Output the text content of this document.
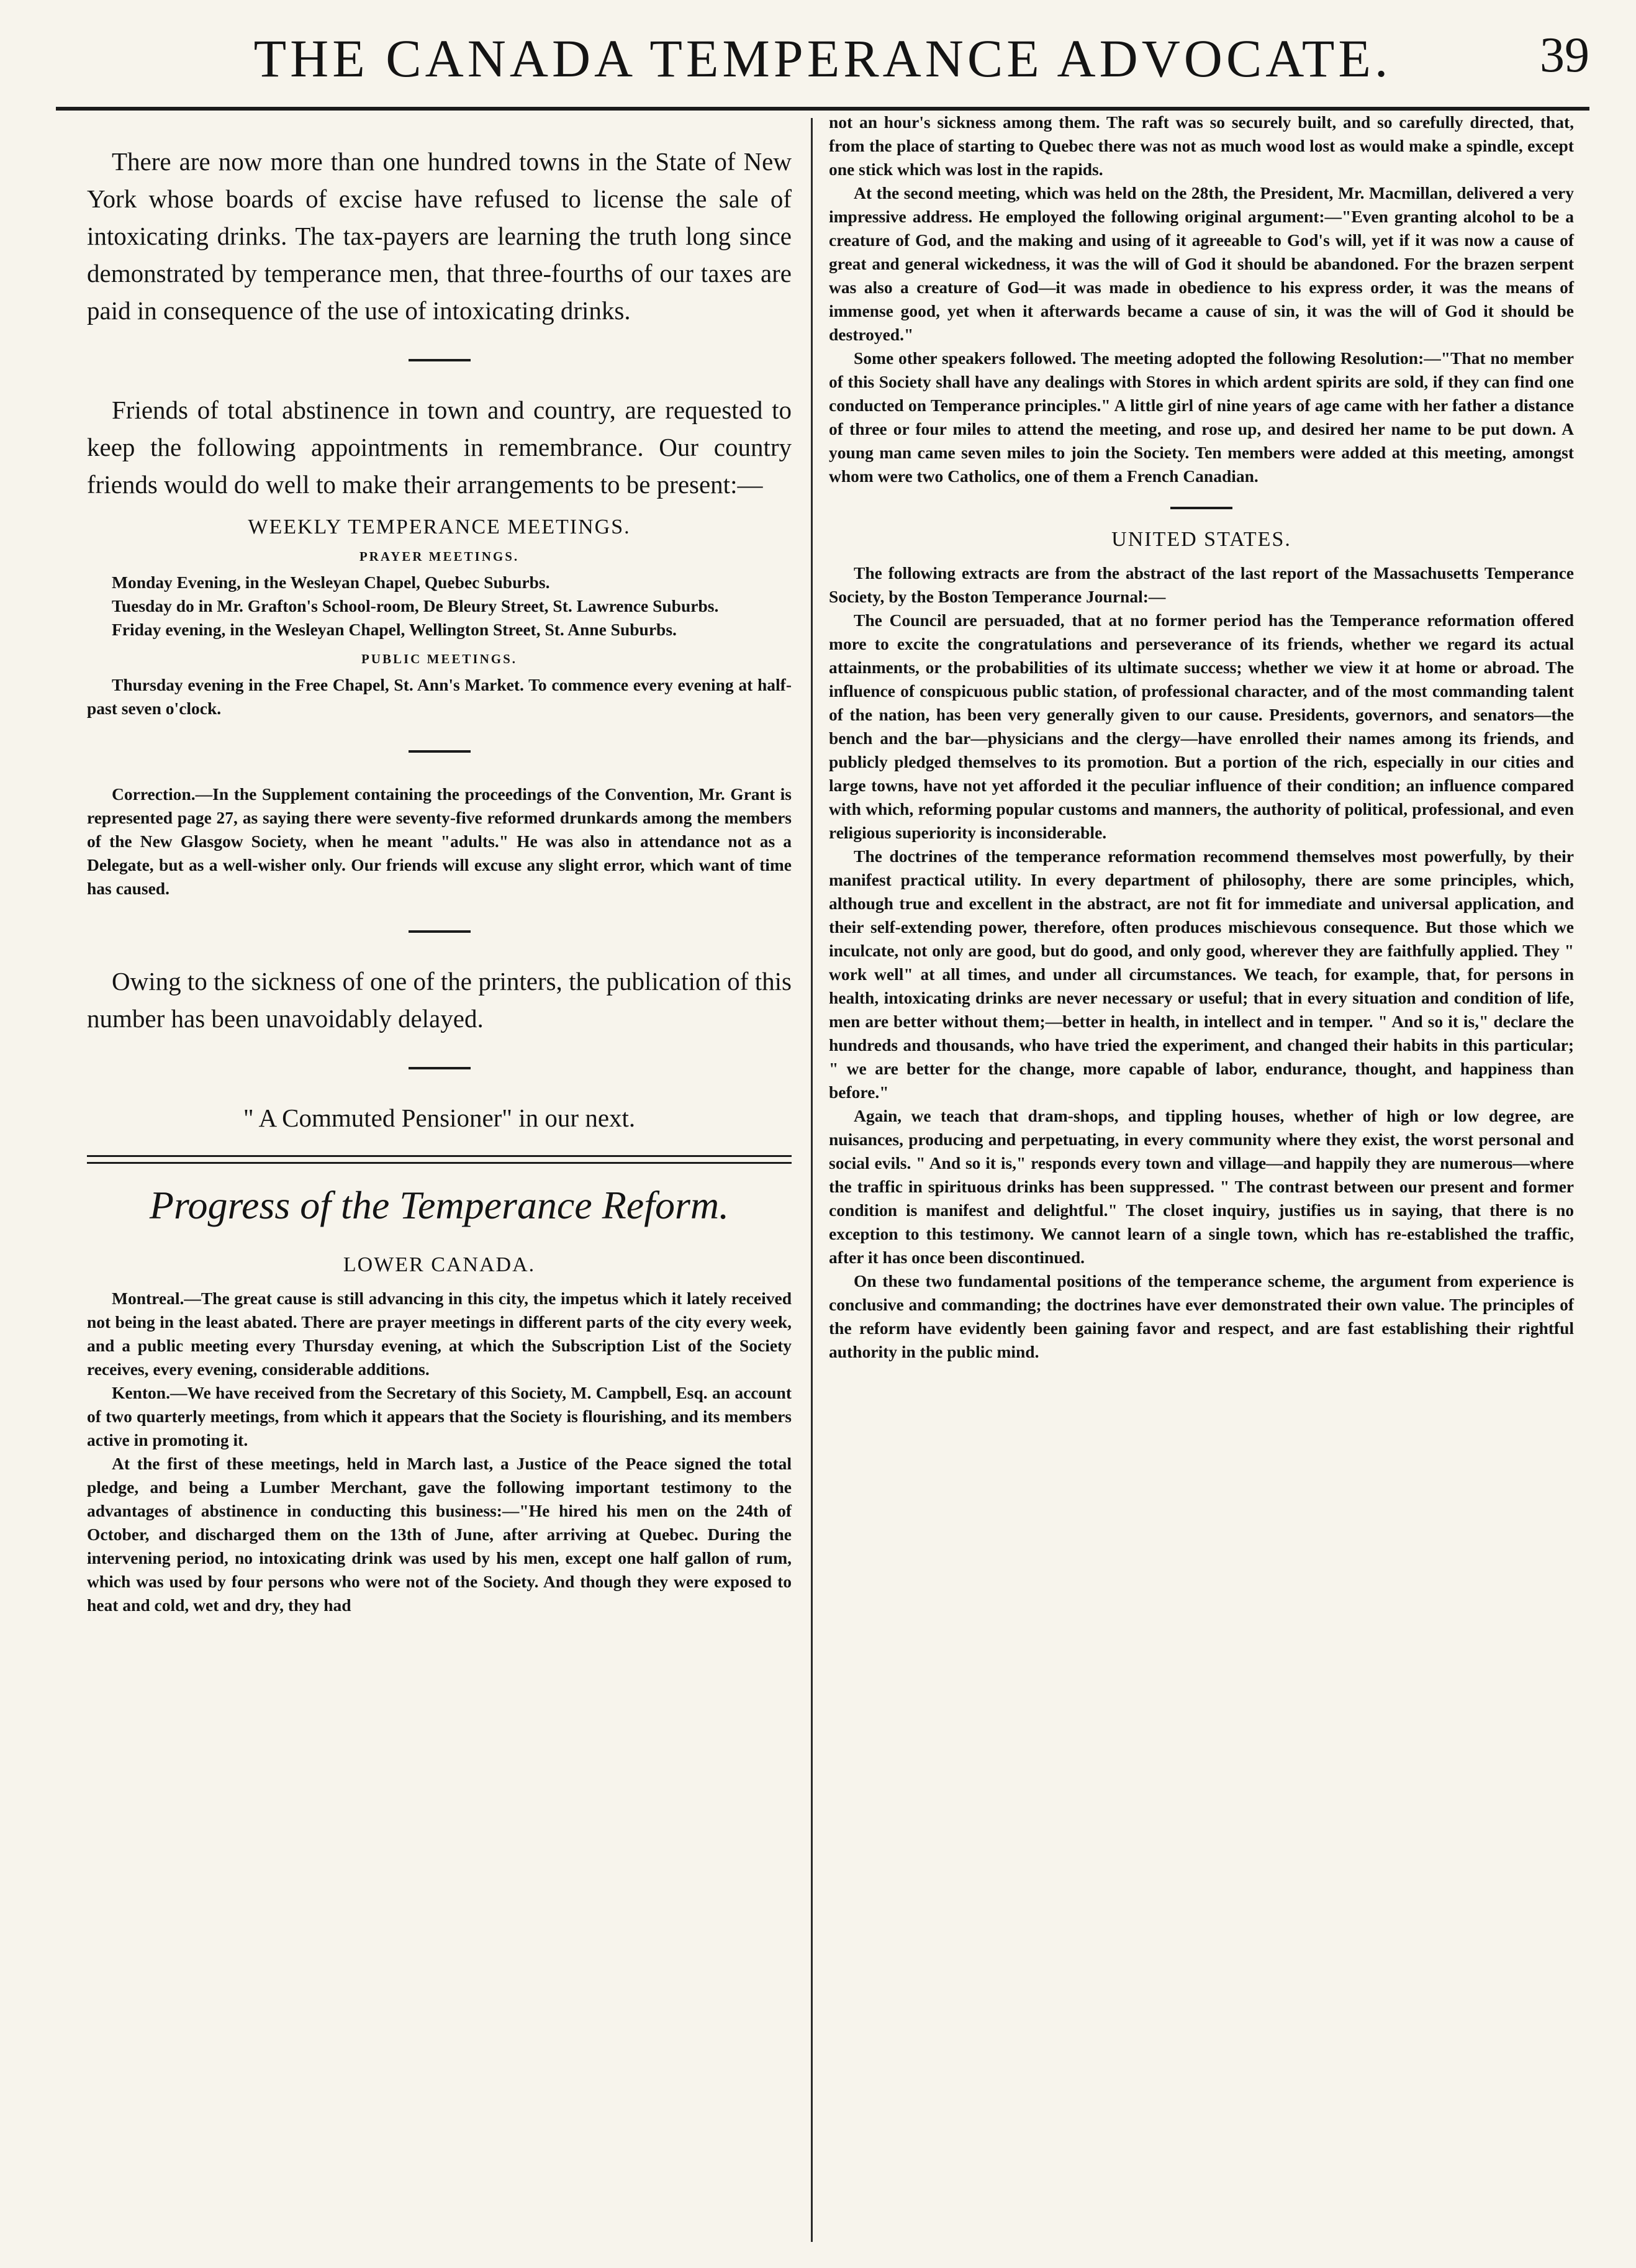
THE CANADA TEMPERANCE ADVOCATE.	39

There are now more than one hundred towns in the State of New York whose boards of excise have refused to license the sale of intoxicating drinks. The tax-payers are learning the truth long since demonstrated by temperance men, that three-fourths of our taxes are paid in consequence of the use of intoxicating drinks.

Friends of total abstinence in town and country, are requested to keep the following appointments in remembrance. Our country friends would do well to make their arrangements to be present:—

WEEKLY TEMPERANCE MEETINGS.
PRAYER MEETINGS.

Monday Evening, in the Wesleyan Chapel, Quebec Suburbs.

Tuesday do in Mr. Grafton's School-room, De Bleury Street, St. Lawrence Suburbs.

Friday evening, in the Wesleyan Chapel, Wellington Street, St. Anne Suburbs.

PUBLIC MEETINGS.

Thursday evening in the Free Chapel, St. Ann's Market. To commence every evening at half-past seven o'clock.

Correction.—In the Supplement containing the proceedings of the Convention, Mr. Grant is represented page 27, as saying there were seventy-five reformed drunkards among the members of the New Glasgow Society, when he meant "adults." He was also in attendance not as a Delegate, but as a well-wisher only. Our friends will excuse any slight error, which want of time has caused.

Owing to the sickness of one of the printers, the publication of this number has been unavoidably delayed.

" A Commuted Pensioner" in our next.

Progress of the Temperance Reform.
LOWER CANADA.

Montreal.—The great cause is still advancing in this city, the impetus which it lately received not being in the least abated. There are prayer meetings in different parts of the city every week, and a public meeting every Thursday evening, at which the Subscription List of the Society receives, every evening, considerable additions.

Kenton.—We have received from the Secretary of this Society, M. Campbell, Esq. an account of two quarterly meetings, from which it appears that the Society is flourishing, and its members active in promoting it.

At the first of these meetings, held in March last, a Justice of the Peace signed the total pledge, and being a Lumber Merchant, gave the following important testimony to the advantages of abstinence in conducting this business:—"He hired his men on the 24th of October, and discharged them on the 13th of June, after arriving at Quebec. During the intervening period, no intoxicating drink was used by his men, except one half gallon of rum, which was used by four persons who were not of the Society. And though they were exposed to heat and cold, wet and dry, they had

not an hour's sickness among them. The raft was so securely built, and so carefully directed, that, from the place of starting to Quebec there was not as much wood lost as would make a spindle, except one stick which was lost in the rapids.

At the second meeting, which was held on the 28th, the President, Mr. Macmillan, delivered a very impressive address. He employed the following original argument:—"Even granting alcohol to be a creature of God, and the making and using of it agreeable to God's will, yet if it was now a cause of great and general wickedness, it was the will of God it should be abandoned. For the brazen serpent was also a creature of God—it was made in obedience to his express order, it was the means of immense good, yet when it afterwards became a cause of sin, it was the will of God it should be destroyed."

Some other speakers followed. The meeting adopted the following Resolution:—"That no member of this Society shall have any dealings with Stores in which ardent spirits are sold, if they can find one conducted on Temperance principles." A little girl of nine years of age came with her father a distance of three or four miles to attend the meeting, and rose up, and desired her name to be put down. A young man came seven miles to join the Society. Ten members were added at this meeting, amongst whom were two Catholics, one of them a French Canadian.

UNITED STATES.

The following extracts are from the abstract of the last report of the Massachusetts Temperance Society, by the Boston Temperance Journal:—

The Council are persuaded, that at no former period has the Temperance reformation offered more to excite the congratulations and perseverance of its friends, whether we regard its actual attainments, or the probabilities of its ultimate success; whether we view it at home or abroad. The influence of conspicuous public station, of professional character, and of the most commanding talent of the nation, has been very generally given to our cause. Presidents, governors, and senators—the bench and the bar—physicians and the clergy—have enrolled their names among its friends, and publicly pledged themselves to its promotion. But a portion of the rich, especially in our cities and large towns, have not yet afforded it the peculiar influence of their condition; an influence compared with which, reforming popular customs and manners, the authority of political, professional, and even religious superiority is inconsiderable.

The doctrines of the temperance reformation recommend themselves most powerfully, by their manifest practical utility. In every department of philosophy, there are some principles, which, although true and excellent in the abstract, are not fit for immediate and universal application, and their self-extending power, therefore, often produces mischievous consequence. But those which we inculcate, not only are good, but do good, and only good, wherever they are faithfully applied. They " work well" at all times, and under all circumstances. We teach, for example, that, for persons in health, intoxicating drinks are never necessary or useful; that in every situation and condition of life, men are better without them;—better in health, in intellect and in temper. " And so it is," declare the hundreds and thousands, who have tried the experiment, and changed their habits in this particular; " we are better for the change, more capable of labor, endurance, thought, and happiness than before."

Again, we teach that dram-shops, and tippling houses, whether of high or low degree, are nuisances, producing and perpetuating, in every community where they exist, the worst personal and social evils. " And so it is," responds every town and village—and happily they are numerous—where the traffic in spirituous drinks has been suppressed. " The contrast between our present and former condition is manifest and delightful." The closet inquiry, justifies us in saying, that there is no exception to this testimony. We cannot learn of a single town, which has re-established the traffic, after it has once been discontinued.

On these two fundamental positions of the temperance scheme, the argument from experience is conclusive and commanding; the doctrines have ever demonstrated their own value. The principles of the reform have evidently been gaining favor and respect, and are fast establishing their rightful authority in the public mind.
